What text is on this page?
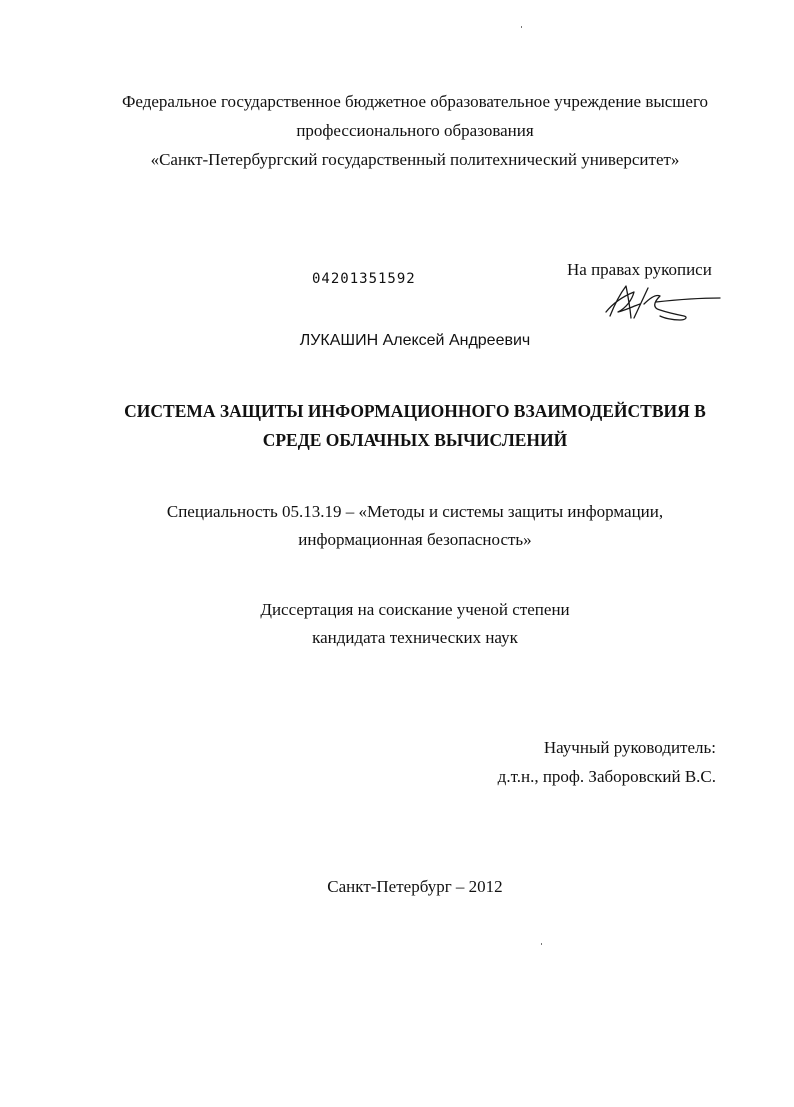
Федеральное государственное бюджетное образовательное учреждение высшего
профессионального образования
«Санкт-Петербургский государственный политехнический университет»
04201351592	На правах рукописи
ЛУКАШИН Алексей Андреевич
СИСТЕМА ЗАЩИТЫ ИНФОРМАЦИОННОГО ВЗАИМОДЕЙСТВИЯ В
СРЕДЕ ОБЛАЧНЫХ ВЫЧИСЛЕНИЙ
Специальность 05.13.19 – «Методы и системы защиты информации,
информационная безопасность»
Диссертация на соискание ученой степени
кандидата технических наук
Научный руководитель:
д.т.н., проф. Заборовский В.С.
Санкт-Петербург – 2012
